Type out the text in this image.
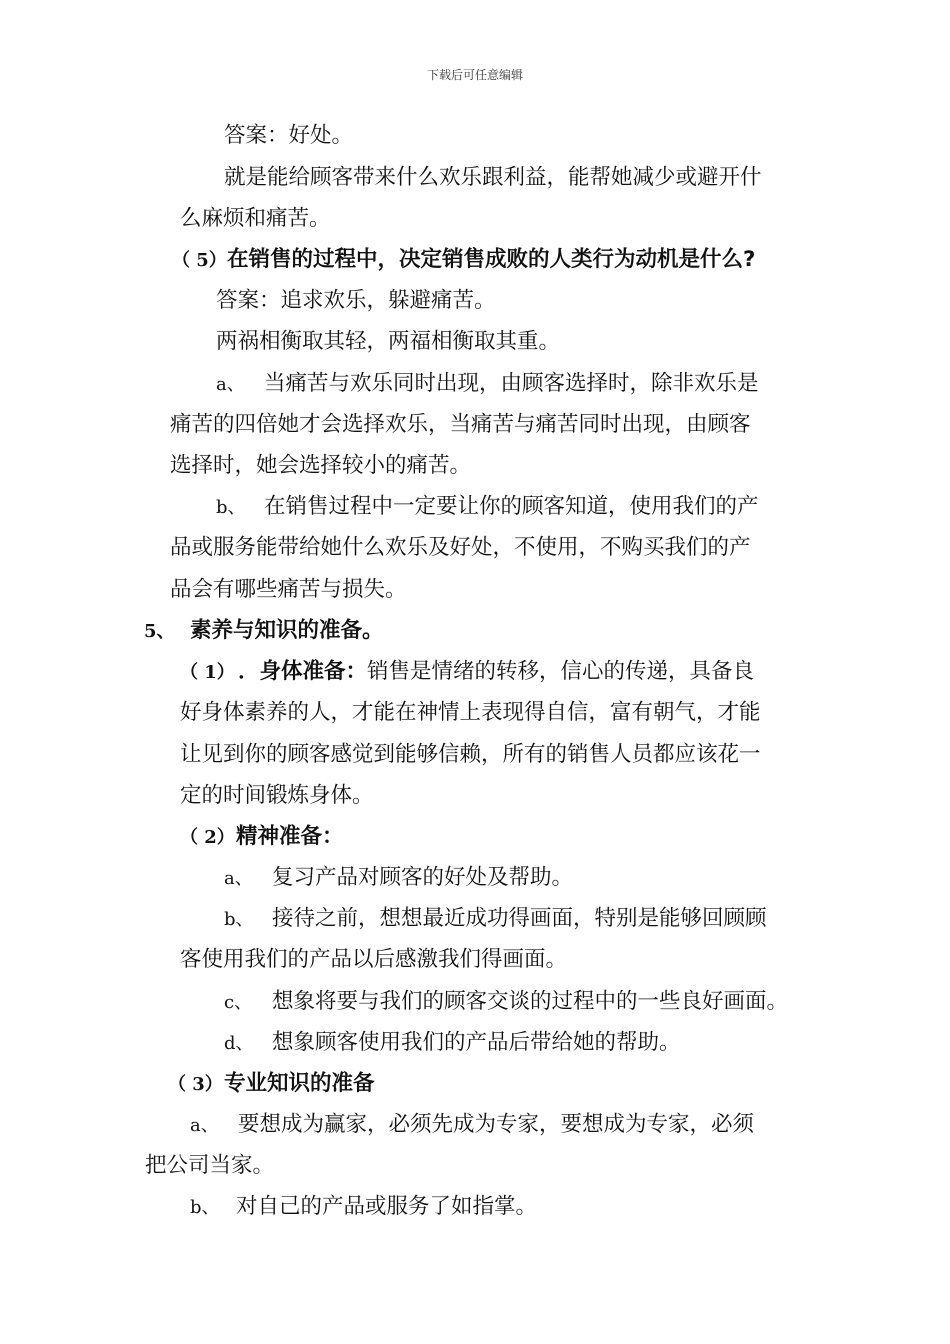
下载后可任意编辑
答案：好处。
就是能给顾客带来什么欢乐跟利益，能帮她减少或避开什
么麻烦和痛苦。
（ 5）在销售的过程中，决定销售成败的人类行为动机是什么?
答案：追求欢乐，躲避痛苦。
两祸相衡取其轻，两福相衡取其重。
a、 当痛苦与欢乐同时出现，由顾客选择时，除非欢乐是
痛苦的四倍她才会选择欢乐，当痛苦与痛苦同时出现，由顾客
选择时，她会选择较小的痛苦。
b、 在销售过程中一定要让你的顾客知道，使用我们的产
品或服务能带给她什么欢乐及好处，不使用，不购买我们的产
品会有哪些痛苦与损失。
5、 素养与知识的准备。
（ 1） ．身体准备：销售是情绪的转移，信心的传递，具备良
好身体素养的人，才能在神情上表现得自信，富有朝气，才能
让见到你的顾客感觉到能够信赖，所有的销售人员都应该花一
定的时间锻炼身体。
（ 2）精神准备：
a、 复习产品对顾客的好处及帮助。
b、 接待之前，想想最近成功得画面，特别是能够回顾顾
客使用我们的产品以后感激我们得画面。
c、 想象将要与我们的顾客交谈的过程中的一些良好画面。
d、 想象顾客使用我们的产品后带给她的帮助。
（ 3）专业知识的准备
a、 要想成为赢家，必须先成为专家，要想成为专家，必须
把公司当家。
b、 对自己的产品或服务了如指掌。
